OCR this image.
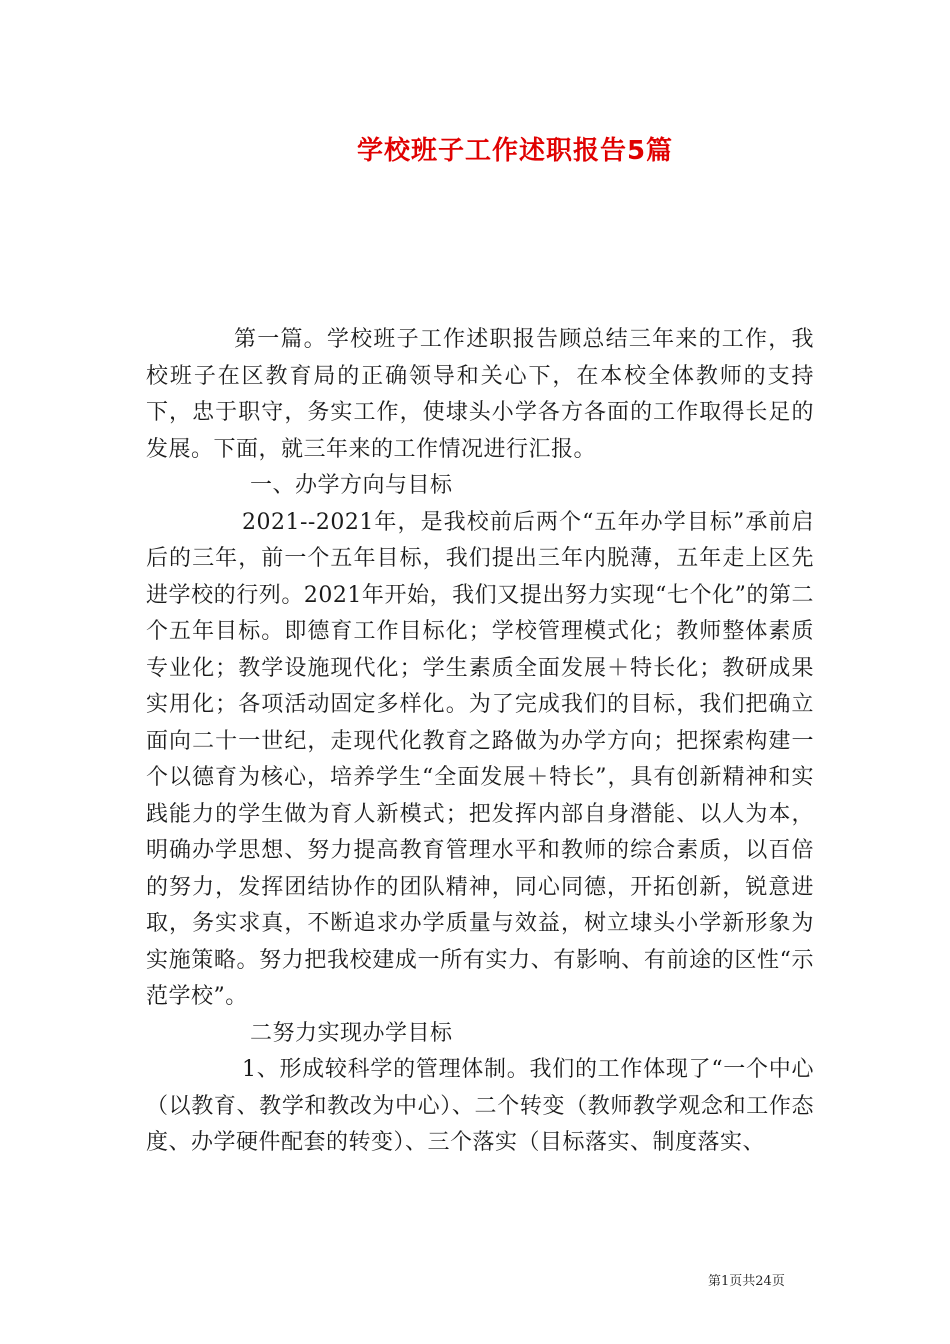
学校班子工作述职报告5篇

第一篇。学校班子工作述职报告顾总结三年来的工作，我校班子在区教育局的正确领导和关心下，在本校全体教师的支持下，忠于职守，务实工作，使埭头小学各方各面的工作取得长足的发展。下面，就三年来的工作情况进行汇报。

一、办学方向与目标

2021--2021年，是我校前后两个“五年办学目标”承前启后的三年，前一个五年目标，我们提出三年内脱薄，五年走上区先进学校的行列。2021年开始，我们又提出努力实现“七个化”的第二个五年目标。即德育工作目标化；学校管理模式化；教师整体素质专业化；教学设施现代化；学生素质全面发展＋特长化；教研成果实用化；各项活动固定多样化。为了完成我们的目标，我们把确立面向二十一世纪，走现代化教育之路做为办学方向；把探索构建一个以德育为核心，培养学生“全面发展＋特长”，具有创新精神和实践能力的学生做为育人新模式；把发挥内部自身潜能、以人为本，明确办学思想、努力提高教育管理水平和教师的综合素质，以百倍的努力，发挥团结协作的团队精神，同心同德，开拓创新，锐意进取，务实求真，不断追求办学质量与效益，树立埭头小学新形象为实施策略。努力把我校建成一所有实力、有影响、有前途的区性“示范学校”。

二努力实现办学目标

1、形成较科学的管理体制。我们的工作体现了“一个中心（以教育、教学和教改为中心）、二个转变（教师教学观念和工作态度、办学硬件配套的转变）、三个落实（目标落实、制度落实、

第1页共24页
